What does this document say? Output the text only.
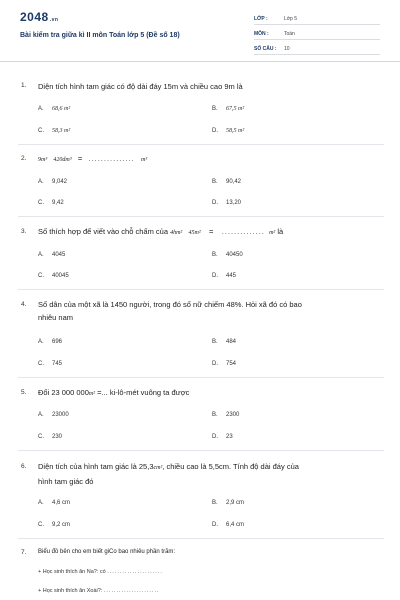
2048.vn
Bài kiểm tra giữa kì II môn Toán lớp 5 (Đề số 18)
LỚP :	Lớp 5
MÔN :	Toán
SỐ CÂU : 10
1. Diện tích hình tam giác có độ dài đáy 15m và chiều cao 9m là
A. 68,6 m²	B. 67,5 m²
C. 58,3 m²	D. 58,5 m²
2. 9m³ 420dm³ = ............... m³
A. 9,042	B. 90,42
C. 9,42	D. 13,20
3. Số thích hợp để viết vào chỗ chấm của 4hm² 45m² = .............. m² là
A. 4045	B. 40450
C. 40045	D. 445
4. Số dân của một xã là 1450 người, trong đó số nữ chiếm 48%. Hỏi xã đó có bao
nhiêu nam
A. 696	B. 484
C. 745	D. 754
5. Đổi 23 000 000m² =... ki-lô-mét vuông ta được
A. 23000	B. 2300
C. 230	D. 23
6. Diện tích của hình tam giác là 25,3cm², chiều cao là 5,5cm. Tính độ dài đáy của
hình tam giác đó
A. 4,6 cm	B. 2,9 cm
C. 9,2 cm	D. 6,4 cm
7. Biểu đồ bên cho em biết giCo bao nhiêu phần trăm:
+ Học sinh thích ăn Na?: có ......................
+ Học sinh thích ăn Xoài?: ......................
